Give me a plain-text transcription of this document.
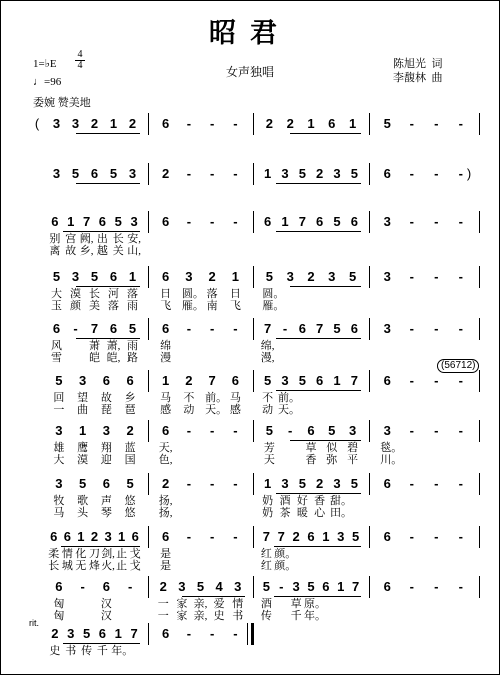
昭君
女声独唱
1=♭E
4
4
♩=96
委婉 赞美地
陈旭光 词
李馥林 曲
rit.
(56712)
( 3 3 2 1 2 6 - - - 2 2 1 6 1 5 - - -
)
3 5 6 5 3 2 - - - 1 3 5 2 3 5 6 - - -
6
别
离
1
宫
故
7
阙,
乡,
6
出
越
5
长
关
3
安,
山,
6 - - - 6 1 7 6 5 6 3 - - -
5
大
玉
3
漠
颜
5
长
美
6
河
落
1
落
雨
6
日
飞
3
圆。
雁。
2
落
南
1
日
飞
5
圆。
雁。
3 2 3 5 3 - - -
6
风
雪
- 7
萧
皑
6
萧,
皑,
5
雨
路
6
绵
漫
- - - 7
绵,
漫,
- 6 7 5 6 3 - - -
5
回
一
3
望
曲
6
故
琵
6
乡
琶
1
马
感
2
不
动
7
前。
天。
6
马
感
5
不
动
3
前。
天。
5 6 1 7 6 - - -
3
雄
大
1
鹰
漠
3
翔
迎
2
蓝
国
6
天,
色,
- - - 5
芳
天
- 6
草
香
5
似
弥
3
碧
平
3
毯。
川。
- - -
3
牧
马
5
歌
头
6
声
琴
5
悠
悠
2
扬,
扬,
- - - 1
奶
奶
3
酒
茶
5
好
暖
2
香
心
3
甜。
田。
5 6 - - -
6
柔
长
6
情
城
1
化
无
2
刀
烽
3
剑,
火,
1
止
止
6
戈
戈
6
是
是
- - - 7
红
红
7
颜。
颜。
2 6 1 3 5 6 - - -
6
匈
匈
- 6
汉
汉
- 2
一
一
3
家
家
5
亲,
亲,
4
爱
史
3
情
书
5
酒
传
- 3
草
千
5
原。
年。
6 1 7 6 - - -
2
史
3
书
5
传
6
千
1
年。
7 6 - - -
